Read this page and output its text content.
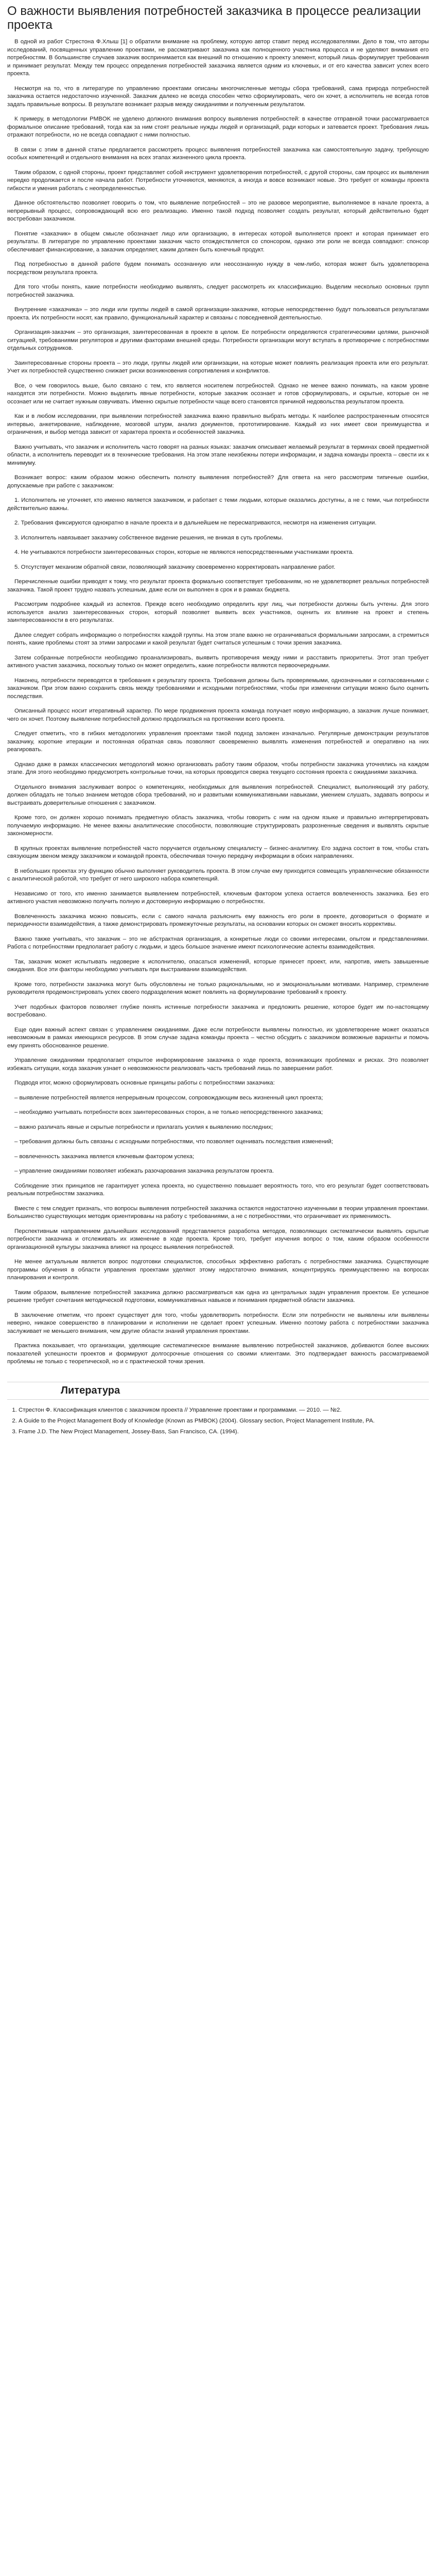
О важности выявления потребностей заказчика в процессе реализации проекта

В одной из работ Стрестона Ф.Хлыш [1] о обратили внимание на проблему, которую автор ставит перед исследователями. Дело в том, что авторы исследований, посвященных управлению проектами, не рассматривают заказчика как полноценного участника процесса и не уделяют внимания его потребностям. В большинстве случаев заказчик воспринимается как внешний по отношению к проекту элемент, который лишь формулирует требования и принимает результат. Между тем процесс определения потребностей заказчика является одним из ключевых, и от его качества зависит успех всего проекта.

Несмотря на то, что в литературе по управлению проектами описаны многочисленные методы сбора требований, сама природа потребностей заказчика остается недостаточно изученной. Заказчик далеко не всегда способен четко сформулировать, чего он хочет, а исполнитель не всегда готов задать правильные вопросы. В результате возникает разрыв между ожиданиями и полученным результатом.

К примеру, в методологии PMBOK не уделено должного внимания вопросу выявления потребностей: в качестве отправной точки рассматривается формальное описание требований, тогда как за ним стоят реальные нужды людей и организаций, ради которых и затевается проект. Требования лишь отражают потребности, но не всегда совпадают с ними полностью.

В связи с этим в данной статье предлагается рассмотреть процесс выявления потребностей заказчика как самостоятельную задачу, требующую особых компетенций и отдельного внимания на всех этапах жизненного цикла проекта.

Таким образом, с одной стороны, проект представляет собой инструмент удовлетворения потребностей, с другой стороны, сам процесс их выявления нередко продолжается и после начала работ. Потребности уточняются, меняются, а иногда и вовсе возникают новые. Это требует от команды проекта гибкости и умения работать с неопределенностью.

Данное обстоятельство позволяет говорить о том, что выявление потребностей – это не разовое мероприятие, выполняемое в начале проекта, а непрерывный процесс, сопровождающий всю его реализацию. Именно такой подход позволяет создать результат, который действительно будет востребован заказчиком.

Понятие «заказчик» в общем смысле обозначает лицо или организацию, в интересах которой выполняется проект и которая принимает его результаты. В литературе по управлению проектами заказчик часто отождествляется со спонсором, однако эти роли не всегда совпадают: спонсор обеспечивает финансирование, а заказчик определяет, каким должен быть конечный продукт.

Под потребностью в данной работе будем понимать осознанную или неосознанную нужду в чем-либо, которая может быть удовлетворена посредством результата проекта.

Для того чтобы понять, какие потребности необходимо выявлять, следует рассмотреть их классификацию. Выделим несколько основных групп потребностей заказчика.

Внутренние «заказчика» – это люди или группы людей в самой организации-заказчике, которые непосредственно будут пользоваться результатами проекта. Их потребности носят, как правило, функциональный характер и связаны с повседневной деятельностью.

Организация-заказчик – это организация, заинтересованная в проекте в целом. Ее потребности определяются стратегическими целями, рыночной ситуацией, требованиями регуляторов и другими факторами внешней среды. Потребности организации могут вступать в противоречие с потребностями отдельных сотрудников.

Заинтересованные стороны проекта – это люди, группы людей или организации, на которые может повлиять реализация проекта или его результат. Учет их потребностей существенно снижает риски возникновения сопротивления и конфликтов.

Все, о чем говорилось выше, было связано с тем, кто является носителем потребностей. Однако не менее важно понимать, на каком уровне находятся эти потребности. Можно выделить явные потребности, которые заказчик осознает и готов сформулировать, и скрытые, которые он не осознает или не считает нужным озвучивать. Именно скрытые потребности чаще всего становятся причиной недовольства результатом проекта.

Как и в любом исследовании, при выявлении потребностей заказчика важно правильно выбрать методы. К наиболее распространенным относятся интервью, анкетирование, наблюдение, мозговой штурм, анализ документов, прототипирование. Каждый из них имеет свои преимущества и ограничения, и выбор метода зависит от характера проекта и особенностей заказчика.

Важно учитывать, что заказчик и исполнитель часто говорят на разных языках: заказчик описывает желаемый результат в терминах своей предметной области, а исполнитель переводит их в технические требования. На этом этапе неизбежны потери информации, и задача команды проекта – свести их к минимуму.

Возникает вопрос: каким образом можно обеспечить полноту выявления потребностей? Для ответа на него рассмотрим типичные ошибки, допускаемые при работе с заказчиком:

1. Исполнитель не уточняет, кто именно является заказчиком, и работает с теми людьми, которые оказались доступны, а не с теми, чьи потребности действительно важны.

2. Требования фиксируются однократно в начале проекта и в дальнейшем не пересматриваются, несмотря на изменения ситуации.

3. Исполнитель навязывает заказчику собственное видение решения, не вникая в суть проблемы.

4. Не учитываются потребности заинтересованных сторон, которые не являются непосредственными участниками проекта.

5. Отсутствует механизм обратной связи, позволяющий заказчику своевременно корректировать направление работ.

Перечисленные ошибки приводят к тому, что результат проекта формально соответствует требованиям, но не удовлетворяет реальных потребностей заказчика. Такой проект трудно назвать успешным, даже если он выполнен в срок и в рамках бюджета.

Рассмотрим подробнее каждый из аспектов. Прежде всего необходимо определить круг лиц, чьи потребности должны быть учтены. Для этого используется анализ заинтересованных сторон, который позволяет выявить всех участников, оценить их влияние на проект и степень заинтересованности в его результатах.

Далее следует собрать информацию о потребностях каждой группы. На этом этапе важно не ограничиваться формальными запросами, а стремиться понять, какие проблемы стоят за этими запросами и какой результат будет считаться успешным с точки зрения заказчика.

Затем собранные потребности необходимо проанализировать, выявить противоречия между ними и расставить приоритеты. Этот этап требует активного участия заказчика, поскольку только он может определить, какие потребности являются первоочередными.

Наконец, потребности переводятся в требования к результату проекта. Требования должны быть проверяемыми, однозначными и согласованными с заказчиком. При этом важно сохранить связь между требованиями и исходными потребностями, чтобы при изменении ситуации можно было оценить последствия.

Описанный процесс носит итеративный характер. По мере продвижения проекта команда получает новую информацию, а заказчик лучше понимает, чего он хочет. Поэтому выявление потребностей должно продолжаться на протяжении всего проекта.

Следует отметить, что в гибких методологиях управления проектами такой подход заложен изначально. Регулярные демонстрации результатов заказчику, короткие итерации и постоянная обратная связь позволяют своевременно выявлять изменения потребностей и оперативно на них реагировать.

Однако даже в рамках классических методологий можно организовать работу таким образом, чтобы потребности заказчика уточнялись на каждом этапе. Для этого необходимо предусмотреть контрольные точки, на которых проводится сверка текущего состояния проекта с ожиданиями заказчика.

Отдельного внимания заслуживает вопрос о компетенциях, необходимых для выявления потребностей. Специалист, выполняющий эту работу, должен обладать не только знанием методов сбора требований, но и развитыми коммуникативными навыками, умением слушать, задавать вопросы и выстраивать доверительные отношения с заказчиком.

Кроме того, он должен хорошо понимать предметную область заказчика, чтобы говорить с ним на одном языке и правильно интерпретировать получаемую информацию. Не менее важны аналитические способности, позволяющие структурировать разрозненные сведения и выявлять скрытые закономерности.

В крупных проектах выявление потребностей часто поручается отдельному специалисту – бизнес-аналитику. Его задача состоит в том, чтобы стать связующим звеном между заказчиком и командой проекта, обеспечивая точную передачу информации в обоих направлениях.

В небольших проектах эту функцию обычно выполняет руководитель проекта. В этом случае ему приходится совмещать управленческие обязанности с аналитической работой, что требует от него широкого набора компетенций.

Независимо от того, кто именно занимается выявлением потребностей, ключевым фактором успеха остается вовлеченность заказчика. Без его активного участия невозможно получить полную и достоверную информацию о потребностях.

Вовлеченность заказчика можно повысить, если с самого начала разъяснить ему важность его роли в проекте, договориться о формате и периодичности взаимодействия, а также демонстрировать промежуточные результаты, на основании которых он сможет вносить коррективы.

Важно также учитывать, что заказчик – это не абстрактная организация, а конкретные люди со своими интересами, опытом и представлениями. Работа с потребностями предполагает работу с людьми, и здесь большое значение имеют психологические аспекты взаимодействия.

Так, заказчик может испытывать недоверие к исполнителю, опасаться изменений, которые принесет проект, или, напротив, иметь завышенные ожидания. Все эти факторы необходимо учитывать при выстраивании взаимодействия.

Кроме того, потребности заказчика могут быть обусловлены не только рациональными, но и эмоциональными мотивами. Например, стремление руководителя продемонстрировать успех своего подразделения может повлиять на формулирование требований к проекту.

Учет подобных факторов позволяет глубже понять истинные потребности заказчика и предложить решение, которое будет им по-настоящему востребовано.

Еще один важный аспект связан с управлением ожиданиями. Даже если потребности выявлены полностью, их удовлетворение может оказаться невозможным в рамках имеющихся ресурсов. В этом случае задача команды проекта – честно обсудить с заказчиком возможные варианты и помочь ему принять обоснованное решение.

Управление ожиданиями предполагает открытое информирование заказчика о ходе проекта, возникающих проблемах и рисках. Это позволяет избежать ситуации, когда заказчик узнает о невозможности реализовать часть требований лишь по завершении работ.

Подводя итог, можно сформулировать основные принципы работы с потребностями заказчика:

– выявление потребностей является непрерывным процессом, сопровождающим весь жизненный цикл проекта;

– необходимо учитывать потребности всех заинтересованных сторон, а не только непосредственного заказчика;

– важно различать явные и скрытые потребности и прилагать усилия к выявлению последних;

– требования должны быть связаны с исходными потребностями, что позволяет оценивать последствия изменений;

– вовлеченность заказчика является ключевым фактором успеха;

– управление ожиданиями позволяет избежать разочарования заказчика результатом проекта.

Соблюдение этих принципов не гарантирует успеха проекта, но существенно повышает вероятность того, что его результат будет соответствовать реальным потребностям заказчика.

Вместе с тем следует признать, что вопросы выявления потребностей заказчика остаются недостаточно изученными в теории управления проектами. Большинство существующих методик ориентированы на работу с требованиями, а не с потребностями, что ограничивает их применимость.

Перспективным направлением дальнейших исследований представляется разработка методов, позволяющих систематически выявлять скрытые потребности заказчика и отслеживать их изменение в ходе проекта. Кроме того, требует изучения вопрос о том, каким образом особенности организационной культуры заказчика влияют на процесс выявления потребностей.

Не менее актуальным является вопрос подготовки специалистов, способных эффективно работать с потребностями заказчика. Существующие программы обучения в области управления проектами уделяют этому недостаточно внимания, концентрируясь преимущественно на вопросах планирования и контроля.

Таким образом, выявление потребностей заказчика должно рассматриваться как одна из центральных задач управления проектом. Ее успешное решение требует сочетания методической подготовки, коммуникативных навыков и понимания предметной области заказчика.

В заключение отметим, что проект существует для того, чтобы удовлетворить потребности. Если эти потребности не выявлены или выявлены неверно, никакое совершенство в планировании и исполнении не сделает проект успешным. Именно поэтому работа с потребностями заказчика заслуживает не меньшего внимания, чем другие области знаний управления проектами.

Практика показывает, что организации, уделяющие систематическое внимание выявлению потребностей заказчиков, добиваются более высоких показателей успешности проектов и формируют долгосрочные отношения со своими клиентами. Это подтверждает важность рассматриваемой проблемы не только с теоретической, но и с практической точки зрения.

Литература
1. Стрестон Ф. Классификация клиентов с заказчиком проекта // Управление проектами и программами. — 2010. — №2.
2. A Guide to the Project Management Body of Knowledge (Known as PMBOK) (2004). Glossary section, Project Management Institute, PA.
3. Frame J.D. The New Project Management, Jossey-Bass, San Francisco, CA. (1994).
